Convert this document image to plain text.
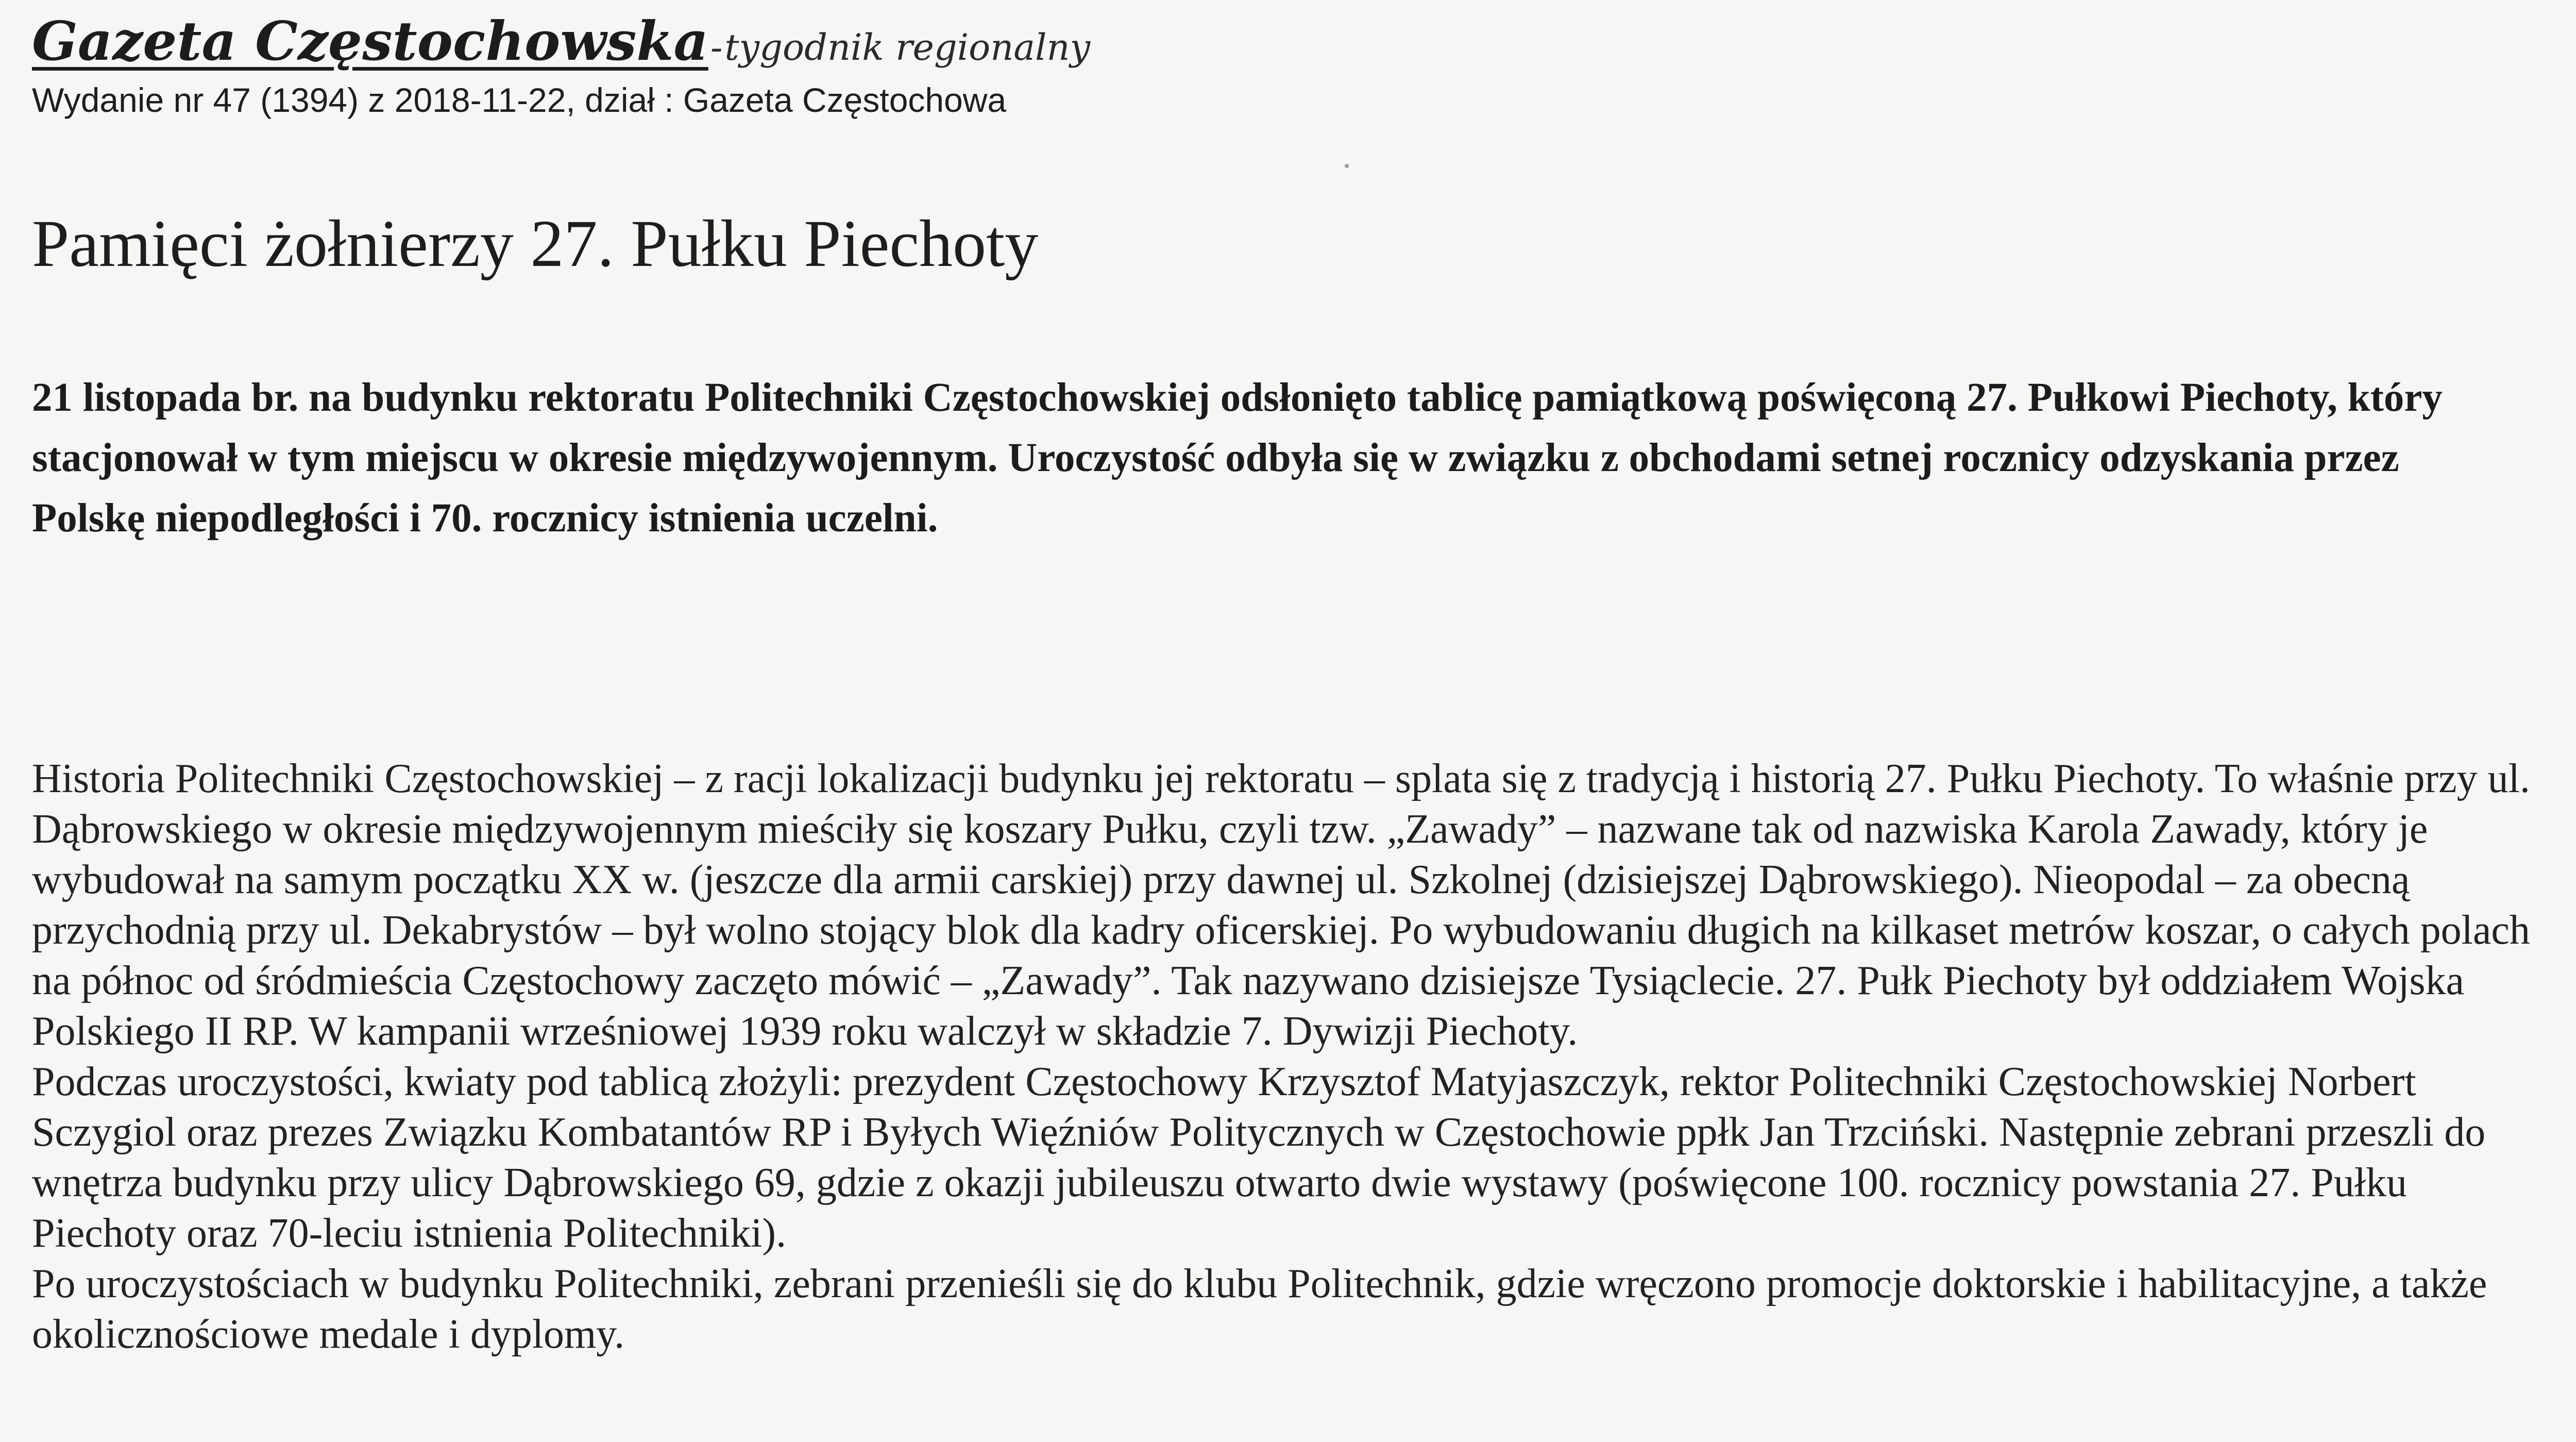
Gazeta Częstochowska - tygodnik regionalny
Wydanie nr 47 (1394) z 2018-11-22, dział : Gazeta Częstochowa
Pamięci żołnierzy 27. Pułku Piechoty
21 listopada br. na budynku rektoratu Politechniki Częstochowskiej odsłonięto tablicę pamiątkową poświęconą 27. Pułkowi Piechoty, który
stacjonował w tym miejscu w okresie międzywojennym. Uroczystość odbyła się w związku z obchodami setnej rocznicy odzyskania przez
Polskę niepodległości i 70. rocznicy istnienia uczelni.
Historia Politechniki Częstochowskiej – z racji lokalizacji budynku jej rektoratu – splata się z tradycją i historią 27. Pułku Piechoty. To właśnie przy ul.
Dąbrowskiego w okresie międzywojennym mieściły się koszary Pułku, czyli tzw. „Zawady” – nazwane tak od nazwiska Karola Zawady, który je
wybudował na samym początku XX w. (jeszcze dla armii carskiej) przy dawnej ul. Szkolnej (dzisiejszej Dąbrowskiego). Nieopodal – za obecną
przychodnią przy ul. Dekabrystów – był wolno stojący blok dla kadry oficerskiej. Po wybudowaniu długich na kilkaset metrów koszar, o całych polach
na północ od śródmieścia Częstochowy zaczęto mówić – „Zawady”. Tak nazywano dzisiejsze Tysiąclecie. 27. Pułk Piechoty był oddziałem Wojska
Polskiego II RP. W kampanii wrześniowej 1939 roku walczył w składzie 7. Dywizji Piechoty.
Podczas uroczystości, kwiaty pod tablicą złożyli: prezydent Częstochowy Krzysztof Matyjaszczyk, rektor Politechniki Częstochowskiej Norbert
Sczygiol oraz prezes Związku Kombatantów RP i Byłych Więźniów Politycznych w Częstochowie ppłk Jan Trzciński. Następnie zebrani przeszli do
wnętrza budynku przy ulicy Dąbrowskiego 69, gdzie z okazji jubileuszu otwarto dwie wystawy (poświęcone 100. rocznicy powstania 27. Pułku
Piechoty oraz 70-leciu istnienia Politechniki).
Po uroczystościach w budynku Politechniki, zebrani przenieśli się do klubu Politechnik, gdzie wręczono promocje doktorskie i habilitacyjne, a także
okolicznościowe medale i dyplomy.
